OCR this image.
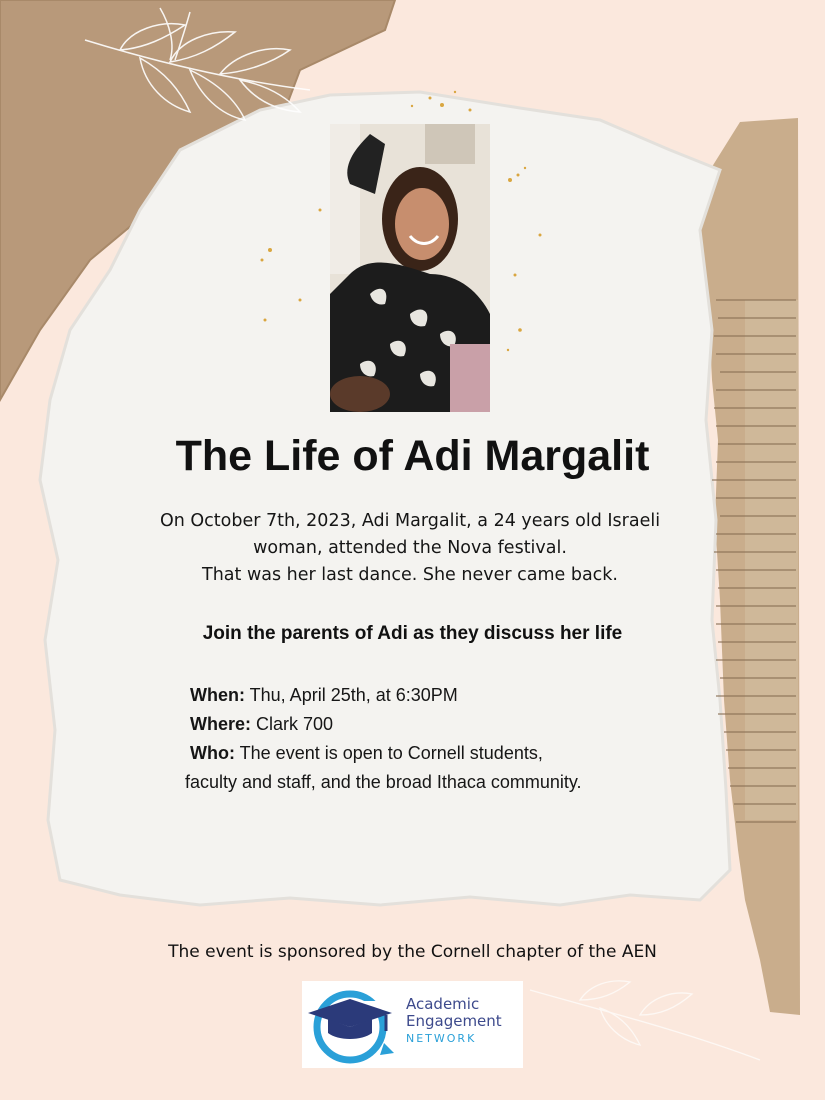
The Life of Adi Margalit
On October 7th, 2023, Adi Margalit, a 24 years old Israeli
woman, attended the Nova festival.
That was her last dance. She never came back.
Join the parents of Adi as they discuss her life
When: Thu, April 25th, at 6:30PM
Where: Clark 700
Who: The event is open to Cornell students,
faculty and staff, and the broad Ithaca community.
The event is sponsored by the Cornell chapter of the AEN
Academic
Engagement
NETWORK
